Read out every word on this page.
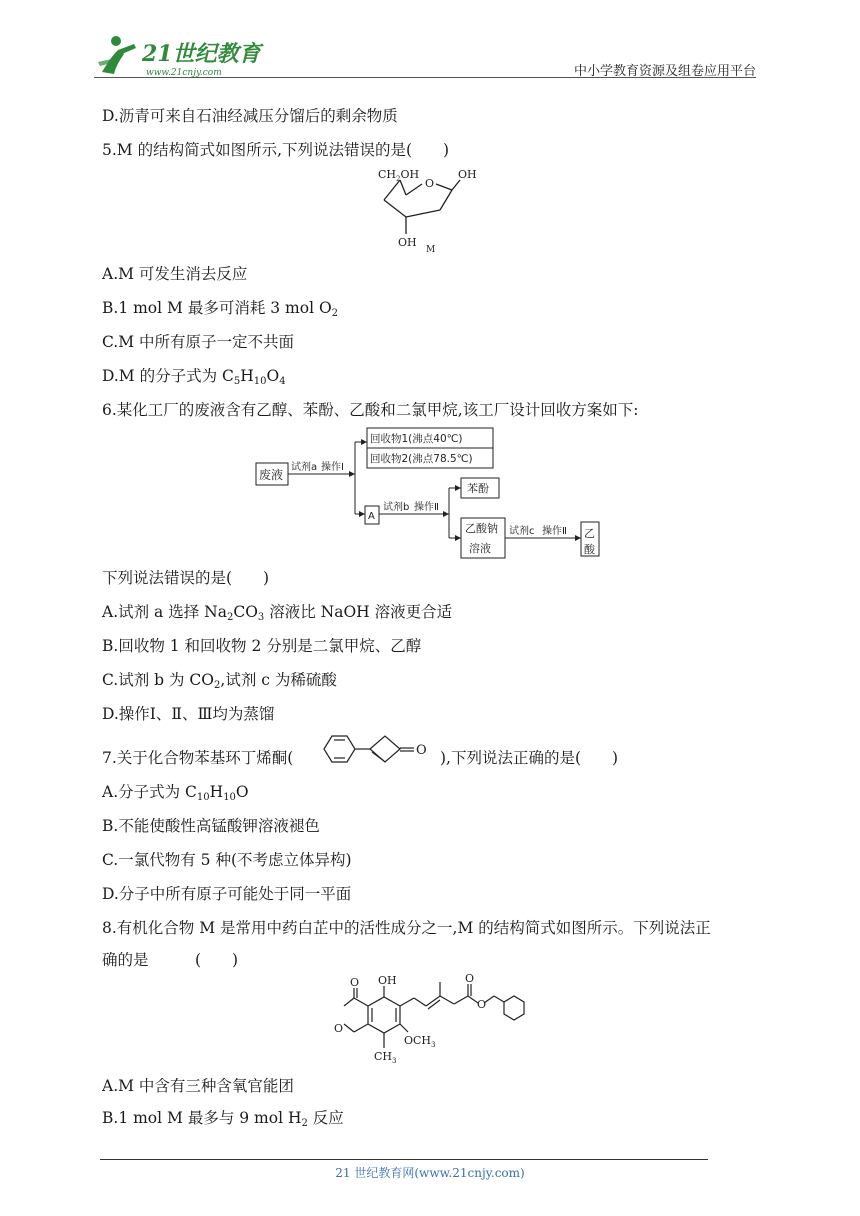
21世纪教育
www.21cnjy.com	中小学教育资源及组卷应用平台
D.沥青可来自石油经减压分馏后的剩余物质
5.M 的结构简式如图所示,下列说法错误的是(　　)
$CH_2OH$
O
OH
OH
M
A.M 可发生消去反应
B.1 mol M 最多可消耗 3 mol $O_2$
C.M 中所有原子一定不共面
D.M 的分子式为 $C_5H_{10}O_4$
6.某化工厂的废液含有乙醇、苯酚、乙酸和二氯甲烷,该工厂设计回收方案如下:
废液
试剂a 操作Ⅰ
回收物1(沸点40℃)
回收物2(沸点78.5℃)
A
试剂b 操作Ⅱ
苯酚
乙酸钠
溶液
试剂c 操作Ⅱ 乙
酸
下列说法错误的是(　　)
A.试剂 a 选择 $Na_2CO_3$ 溶液比 NaOH 溶液更合适
B.回收物 1 和回收物 2 分别是二氯甲烷、乙醇
C.试剂 b 为 $CO_2$,试剂 c 为稀硫酸
D.操作Ⅰ、Ⅱ、Ⅲ均为蒸馏
7.关于化合物苯基环丁烯酮(	O ),下列说法正确的是(　　)
A.分子式为 $C_{10}H_{10}O$
B.不能使酸性高锰酸钾溶液褪色
C.一氯代物有 5 种(不考虑立体异构)
D.分子中所有原子可能处于同一平面
8.有机化合物 M 是常用中药白芷中的活性成分之一,M 的结构简式如图所示。下列说法正
确的是　　　(　　)
OH
O
O
O
O
$OCH_3$
$CH_3$
A.M 中含有三种含氧官能团
B.1 mol M 最多与 9 mol $H_2$ 反应
21 世纪教育网(www.21cnjy.com)
